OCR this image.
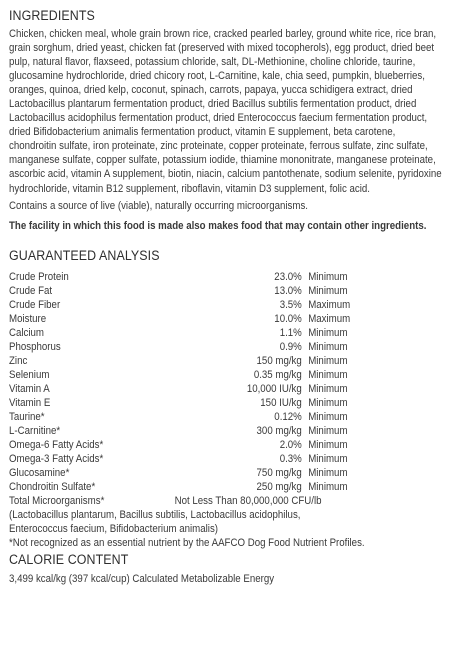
INGREDIENTS

Chicken, chicken meal, whole grain brown rice, cracked pearled barley, ground white rice, rice bran, grain sorghum, dried yeast, chicken fat (preserved with mixed tocopherols), egg product, dried beet pulp, natural flavor, flaxseed, potassium chloride, salt, DL-Methionine, choline chloride, taurine, glucosamine hydrochloride, dried chicory root, L-Carnitine, kale, chia seed, pumpkin, blueberries, oranges, quinoa, dried kelp, coconut, spinach, carrots, papaya, yucca schidigera extract, dried Lactobacillus plantarum fermentation product, dried Bacillus subtilis fermentation product, dried Lactobacillus acidophilus fermentation product, dried Enterococcus faecium fermentation product, dried Bifidobacterium animalis fermentation product, vitamin E supplement, beta carotene, chondroitin sulfate, iron proteinate, zinc proteinate, copper proteinate, ferrous sulfate, zinc sulfate, manganese sulfate, copper sulfate, potassium iodide, thiamine mononitrate, manganese proteinate, ascorbic acid, vitamin A supplement, biotin, niacin, calcium pantothenate, sodium selenite, pyridoxine hydrochloride, vitamin B12 supplement, riboflavin, vitamin D3 supplement, folic acid.

Contains a source of live (viable), naturally occurring microorganisms.

The facility in which this food is made also makes food that may contain other ingredients.

GUARANTEED ANALYSIS
Crude Protein	23.0%	Minimum
Crude Fat	13.0%	Minimum
Crude Fiber	3.5%	Maximum
Moisture	10.0%	Maximum
Calcium	1.1%	Minimum
Phosphorus	0.9%	Minimum
Zinc	150 mg/kg	Minimum
Selenium	0.35 mg/kg	Minimum
Vitamin A	10,000 IU/kg	Minimum
Vitamin E	150 IU/kg	Minimum
Taurine*	0.12%	Minimum
L-Carnitine*	300 mg/kg	Minimum
Omega-6 Fatty Acids*	2.0%	Minimum
Omega-3 Fatty Acids*	0.3%	Minimum
Glucosamine*	750 mg/kg	Minimum
Chondroitin Sulfate*	250 mg/kg	Minimum
Total Microorganisms*	Not Less Than 80,000,000 CFU/lb	
(Lactobacillus plantarum, Bacillus subtilis, Lactobacillus acidophilus,		
Enterococcus faecium, Bifidobacterium animalis)		
*Not recognized as an essential nutrient by the AAFCO Dog Food Nutrient Profiles.		
CALORIE CONTENT

3,499 kcal/kg (397 kcal/cup) Calculated Metabolizable Energy
